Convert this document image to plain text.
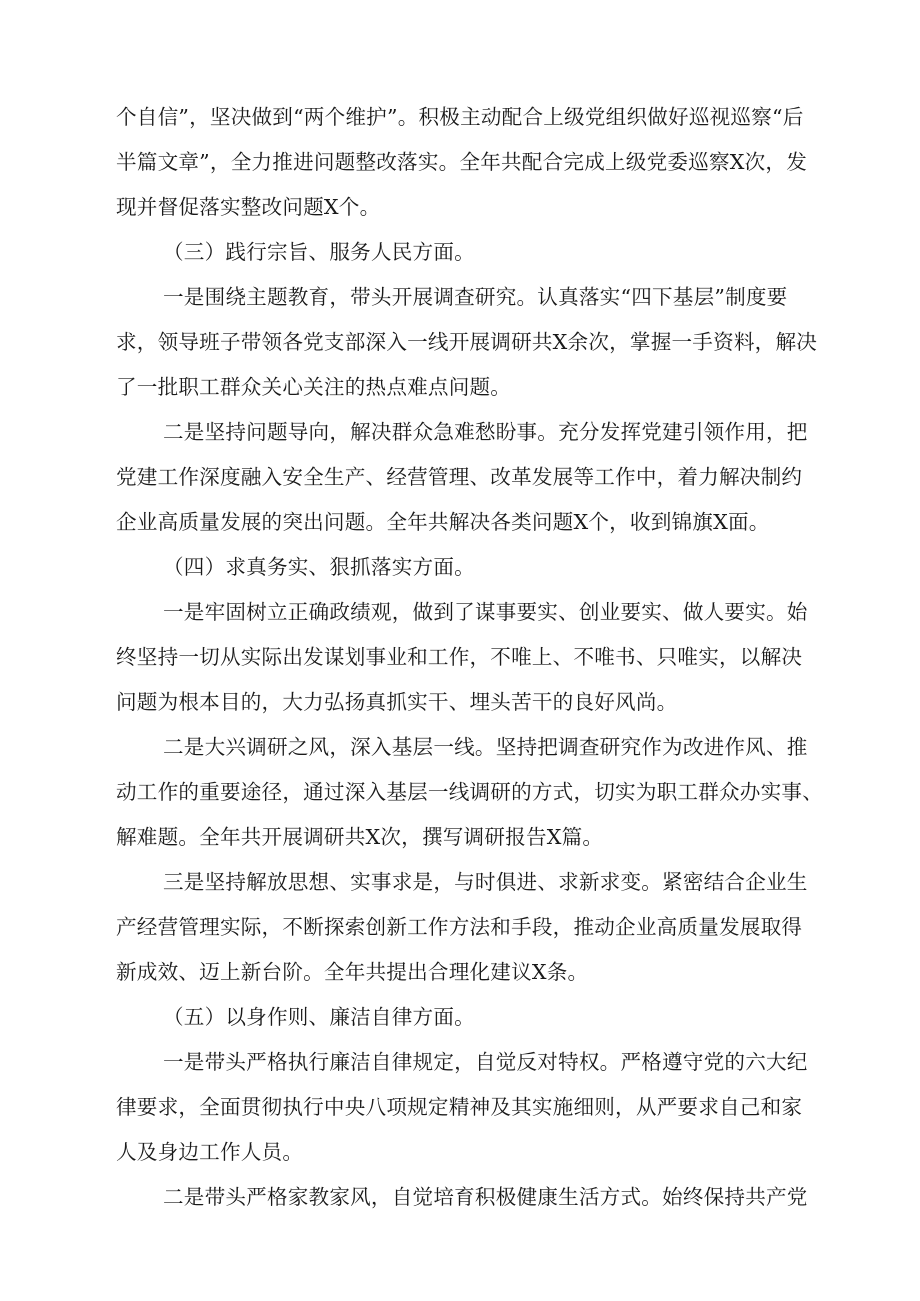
个自信”，坚决做到“两个维护”。积极主动配合上级党组织做好巡视巡察“后
半篇文章”，全力推进问题整改落实。全年共配合完成上级党委巡察X次，发
现并督促落实整改问题X个。
（三）践行宗旨、服务人民方面。
一是围绕主题教育，带头开展调查研究。认真落实“四下基层”制度要
求，领导班子带领各党支部深入一线开展调研共X余次，掌握一手资料，解决
了一批职工群众关心关注的热点难点问题。
二是坚持问题导向，解决群众急难愁盼事。充分发挥党建引领作用，把
党建工作深度融入安全生产、经营管理、改革发展等工作中，着力解决制约
企业高质量发展的突出问题。全年共解决各类问题X个，收到锦旗X面。
（四）求真务实、狠抓落实方面。
一是牢固树立正确政绩观，做到了谋事要实、创业要实、做人要实。始
终坚持一切从实际出发谋划事业和工作，不唯上、不唯书、只唯实，以解决
问题为根本目的，大力弘扬真抓实干、埋头苦干的良好风尚。
二是大兴调研之风，深入基层一线。坚持把调查研究作为改进作风、推
动工作的重要途径，通过深入基层一线调研的方式，切实为职工群众办实事、
解难题。全年共开展调研共X次，撰写调研报告X篇。
三是坚持解放思想、实事求是，与时俱进、求新求变。紧密结合企业生
产经营管理实际，不断探索创新工作方法和手段，推动企业高质量发展取得
新成效、迈上新台阶。全年共提出合理化建议X条。
（五）以身作则、廉洁自律方面。
一是带头严格执行廉洁自律规定，自觉反对特权。严格遵守党的六大纪
律要求，全面贯彻执行中央八项规定精神及其实施细则，从严要求自己和家
人及身边工作人员。
二是带头严格家教家风，自觉培育积极健康生活方式。始终保持共产党
